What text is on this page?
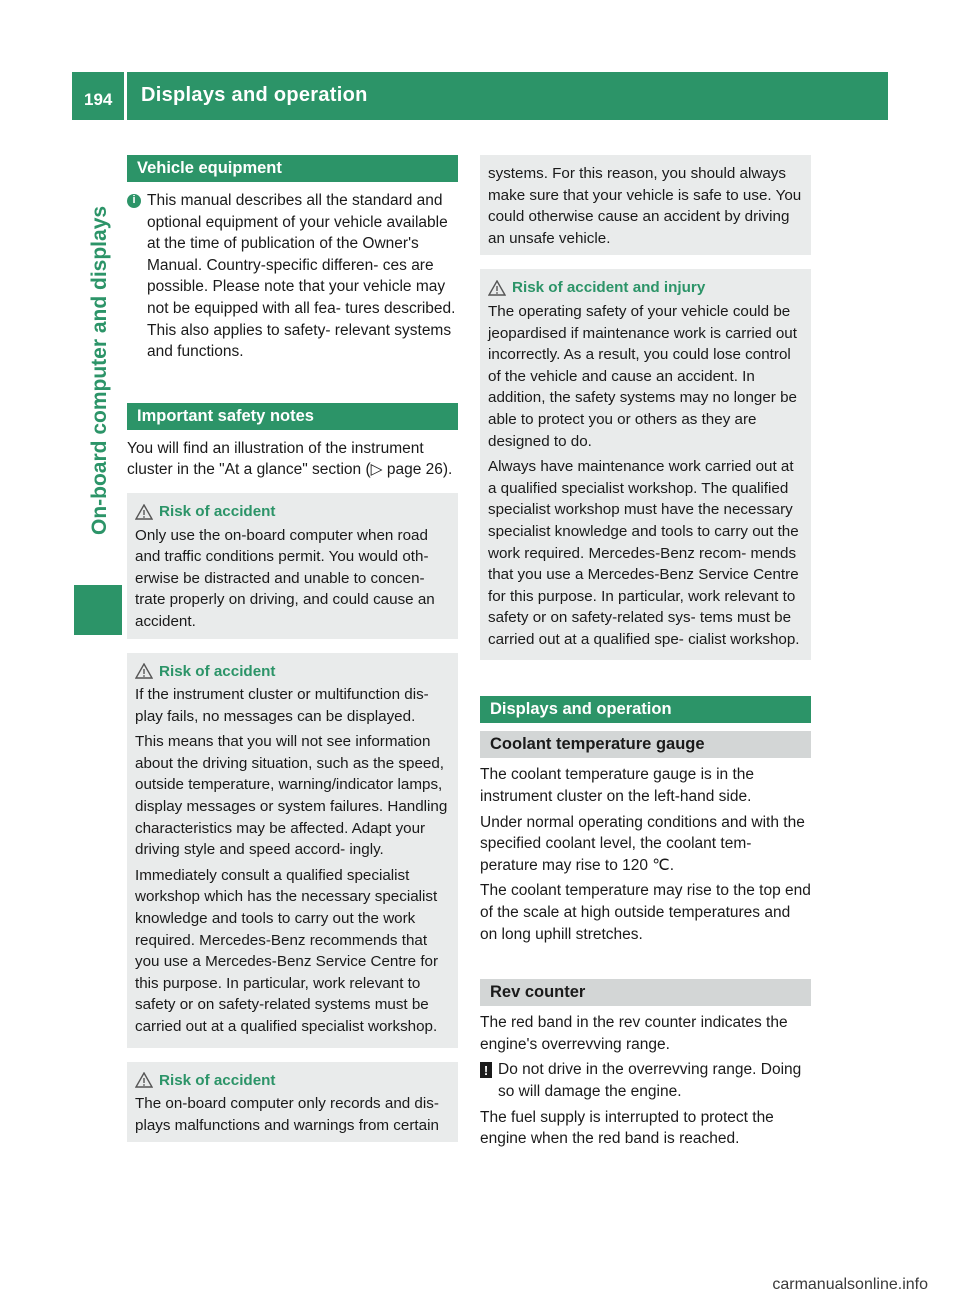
194	Displays and operation
On-board computer and displays
Vehicle equipment
i This manual describes all the standard and optional equipment of your vehicle available at the time of publication of the Owner's Manual. Country-specific differen- ces are possible. Please note that your vehicle may not be equipped with all fea- tures described. This also applies to safety- relevant systems and functions.
Important safety notes

You will find an illustration of the instrument cluster in the "At a glance" section (▷ page 26).

Risk of accident
Only use the on-board computer when road and traffic conditions permit. You would oth- erwise be distracted and unable to concen- trate properly on driving, and could cause an accident.
Risk of accident

If the instrument cluster or multifunction dis- play fails, no messages can be displayed.

This means that you will not see information about the driving situation, such as the speed, outside temperature, warning/indicator lamps, display messages or system failures. Handling characteristics may be affected. Adapt your driving style and speed accord- ingly.

Immediately consult a qualified specialist workshop which has the necessary specialist knowledge and tools to carry out the work required. Mercedes-Benz recommends that you use a Mercedes-Benz Service Centre for this purpose. In particular, work relevant to safety or on safety-related systems must be carried out at a qualified specialist workshop.

Risk of accident
The on-board computer only records and dis- plays malfunctions and warnings from certain
systems. For this reason, you should always make sure that your vehicle is safe to use. You could otherwise cause an accident by driving an unsafe vehicle.
Risk of accident and injury

The operating safety of your vehicle could be jeopardised if maintenance work is carried out incorrectly. As a result, you could lose control of the vehicle and cause an accident. In addition, the safety systems may no longer be able to protect you or others as they are designed to do.

Always have maintenance work carried out at a qualified specialist workshop. The qualified specialist workshop must have the necessary specialist knowledge and tools to carry out the work required. Mercedes-Benz recom- mends that you use a Mercedes-Benz Service Centre for this purpose. In particular, work relevant to safety or on safety-related sys- tems must be carried out at a qualified spe- cialist workshop.

Displays and operation
Coolant temperature gauge

The coolant temperature gauge is in the instrument cluster on the left-hand side.

Under normal operating conditions and with the specified coolant level, the coolant tem- perature may rise to 120 ℃.

The coolant temperature may rise to the top end of the scale at high outside temperatures and on long uphill stretches.

Rev counter

The red band in the rev counter indicates the engine's overrevving range.

! Do not drive in the overrevving range. Doing so will damage the engine.

The fuel supply is interrupted to protect the engine when the red band is reached.

carmanualsonline.info
